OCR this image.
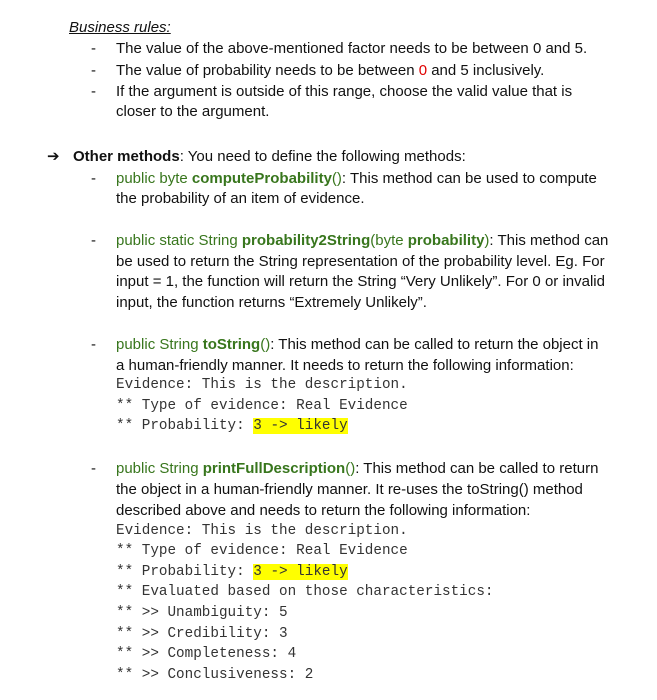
Business rules:
- The value of the above-mentioned factor needs to be between 0 and 5.
- The value of probability needs to be between 0 and 5 inclusively.
- If the argument is outside of this range, choose the valid value that is
closer to the argument.
➔ Other methods: You need to define the following methods:
- public byte computeProbability(): This method can be used to compute
the probability of an item of evidence.
- public static String probability2String(byte probability): This method can
be used to return the String representation of the probability level. Eg. For
input = 1, the function will return the String “Very Unlikely”. For 0 or invalid
input, the function returns “Extremely Unlikely”.
- public String toString(): This method can be called to return the object in
a human-friendly manner. It needs to return the following information:
Evidence: This is the description.
** Type of evidence: Real Evidence
** Probability: 3 -> likely
- public String printFullDescription(): This method can be called to return
the object in a human-friendly manner. It re-uses the toString() method
described above and needs to return the following information:
Evidence: This is the description.
** Type of evidence: Real Evidence
** Probability: 3 -> likely
** Evaluated based on those characteristics:
** >> Unambiguity: 5
** >> Credibility: 3
** >> Completeness: 4
** >> Conclusiveness: 2
